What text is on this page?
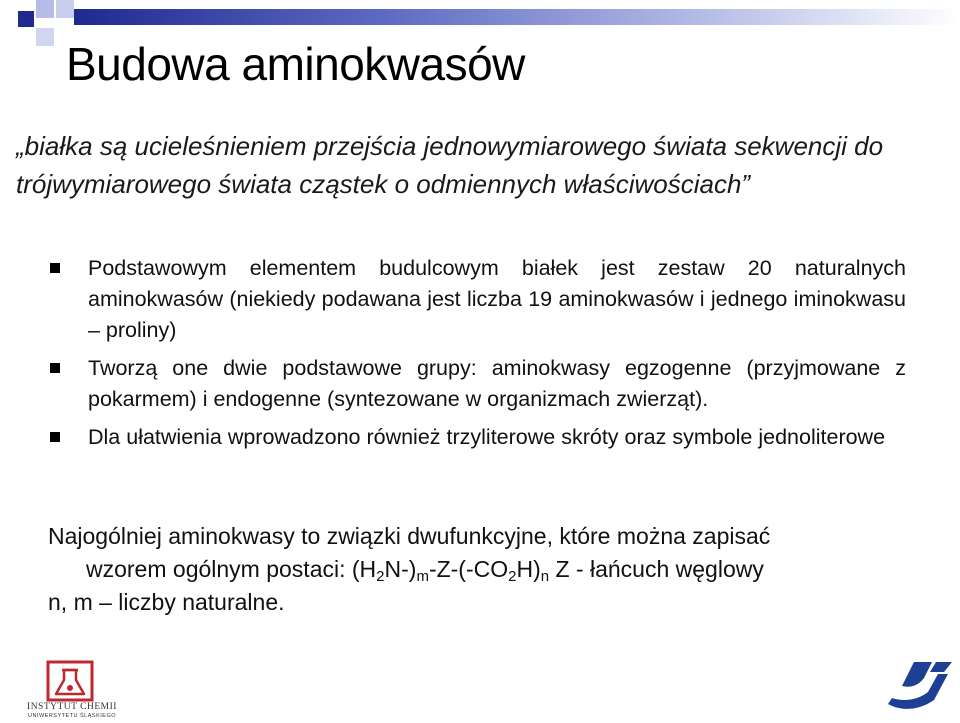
Budowa aminokwasów
„białka są ucieleśnieniem przejścia jednowymiarowego świata sekwencji do trójwymiarowego świata cząstek o odmiennych właściwościach”
Podstawowym elementem budulcowym białek jest zestaw 20 naturalnych aminokwasów (niekiedy podawana jest liczba 19 aminokwasów i jednego iminokwasu – proliny)
Tworzą one dwie podstawowe grupy: aminokwasy egzogenne (przyjmowane z pokarmem) i endogenne (syntezowane w organizmach zwierząt).
Dla ułatwienia wprowadzono również trzyliterowe skróty oraz symbole jednoliterowe
Najogólniej aminokwasy to związki dwufunkcyjne, które można zapisać
wzorem ogólnym postaci: $(H_2N-)_m-Z-(-CO_2H)_n$ Z - łańcuch węglowy
n, m – liczby naturalne.
INSTYTUT CHEMII
UNIWERSYTETU ŚLĄSKIEGO
